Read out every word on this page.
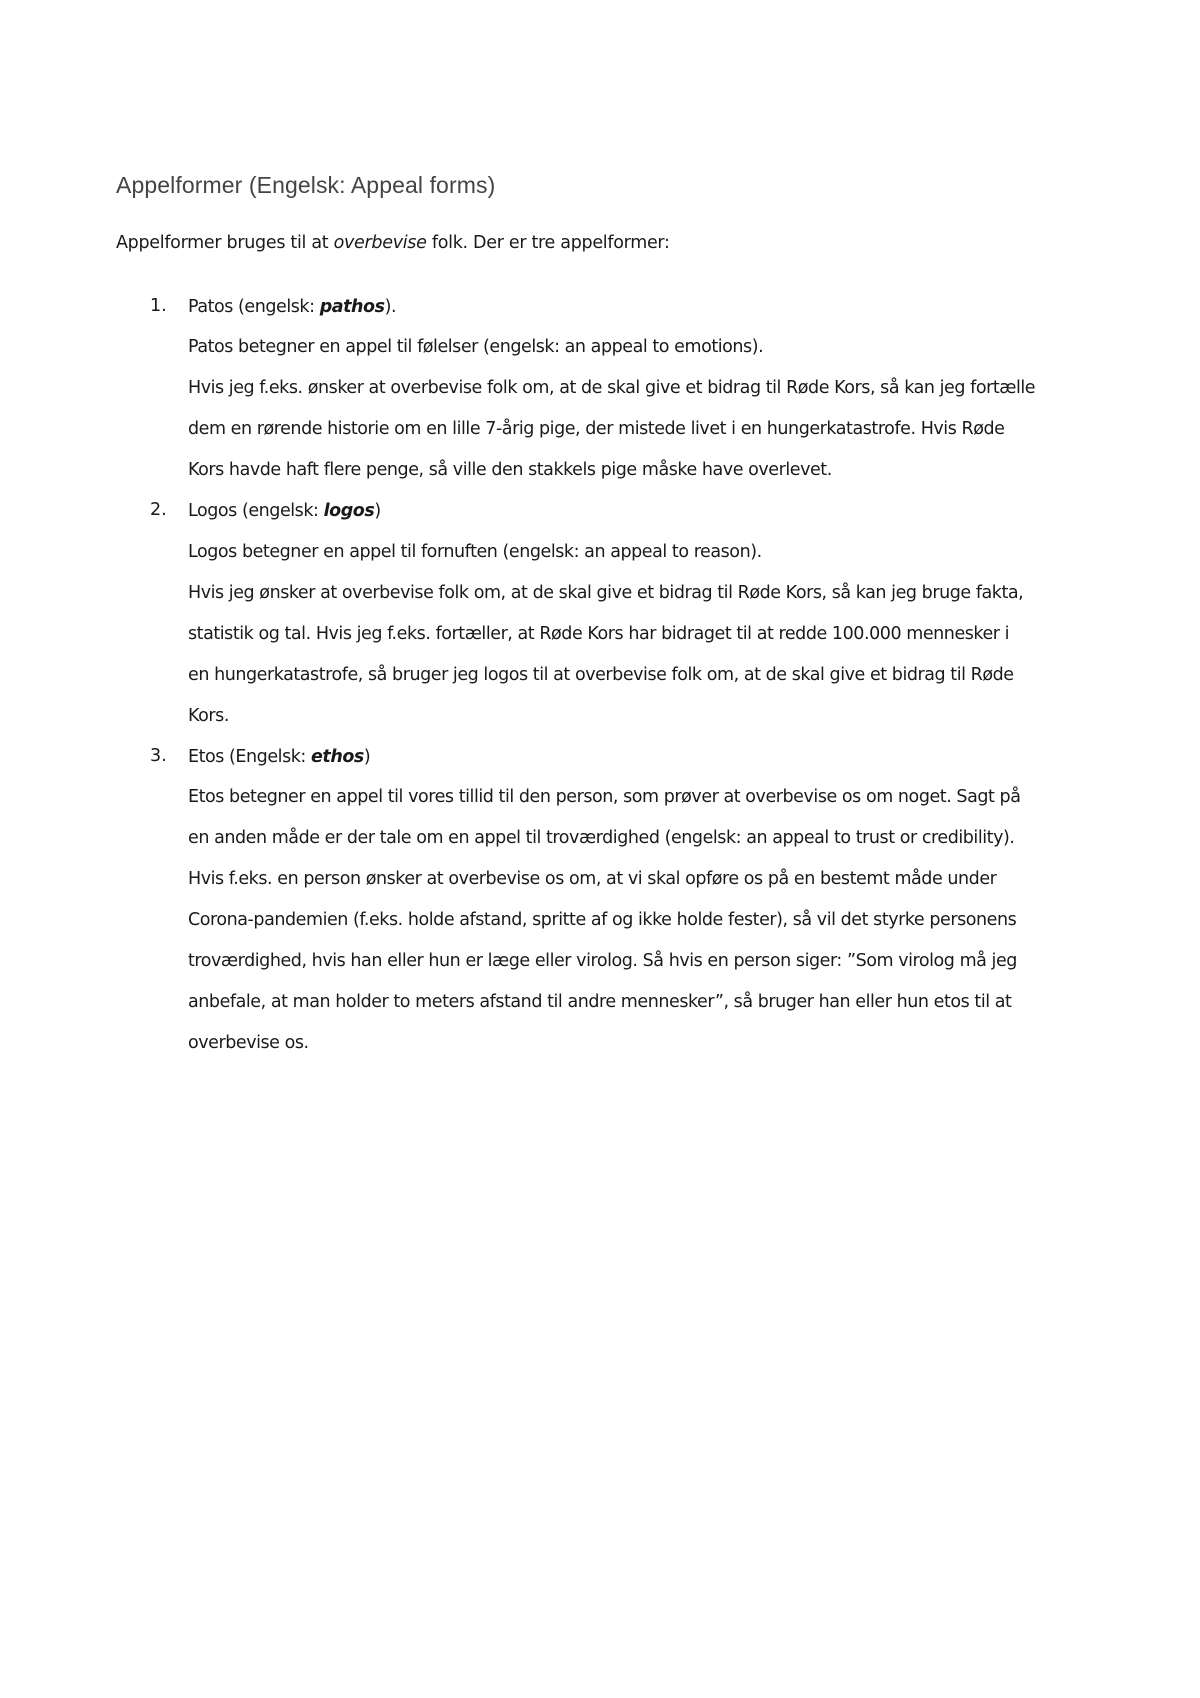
Appelformer (Engelsk: Appeal forms)
Appelformer bruges til at overbevise folk. Der er tre appelformer:
1. Patos (engelsk: pathos).
Patos betegner en appel til følelser (engelsk: an appeal to emotions).
Hvis jeg f.eks. ønsker at overbevise folk om, at de skal give et bidrag til Røde Kors, så kan jeg fortælle
dem en rørende historie om en lille 7-årig pige, der mistede livet i en hungerkatastrofe. Hvis Røde
Kors havde haft flere penge, så ville den stakkels pige måske have overlevet.
2. Logos (engelsk: logos)
Logos betegner en appel til fornuften (engelsk: an appeal to reason).
Hvis jeg ønsker at overbevise folk om, at de skal give et bidrag til Røde Kors, så kan jeg bruge fakta,
statistik og tal. Hvis jeg f.eks. fortæller, at Røde Kors har bidraget til at redde 100.000 mennesker i
en hungerkatastrofe, så bruger jeg logos til at overbevise folk om, at de skal give et bidrag til Røde
Kors.
3. Etos (Engelsk: ethos)
Etos betegner en appel til vores tillid til den person, som prøver at overbevise os om noget. Sagt på
en anden måde er der tale om en appel til troværdighed (engelsk: an appeal to trust or credibility).
Hvis f.eks. en person ønsker at overbevise os om, at vi skal opføre os på en bestemt måde under
Corona-pandemien (f.eks. holde afstand, spritte af og ikke holde fester), så vil det styrke personens
troværdighed, hvis han eller hun er læge eller virolog. Så hvis en person siger: ”Som virolog må jeg
anbefale, at man holder to meters afstand til andre mennesker”, så bruger han eller hun etos til at
overbevise os.
